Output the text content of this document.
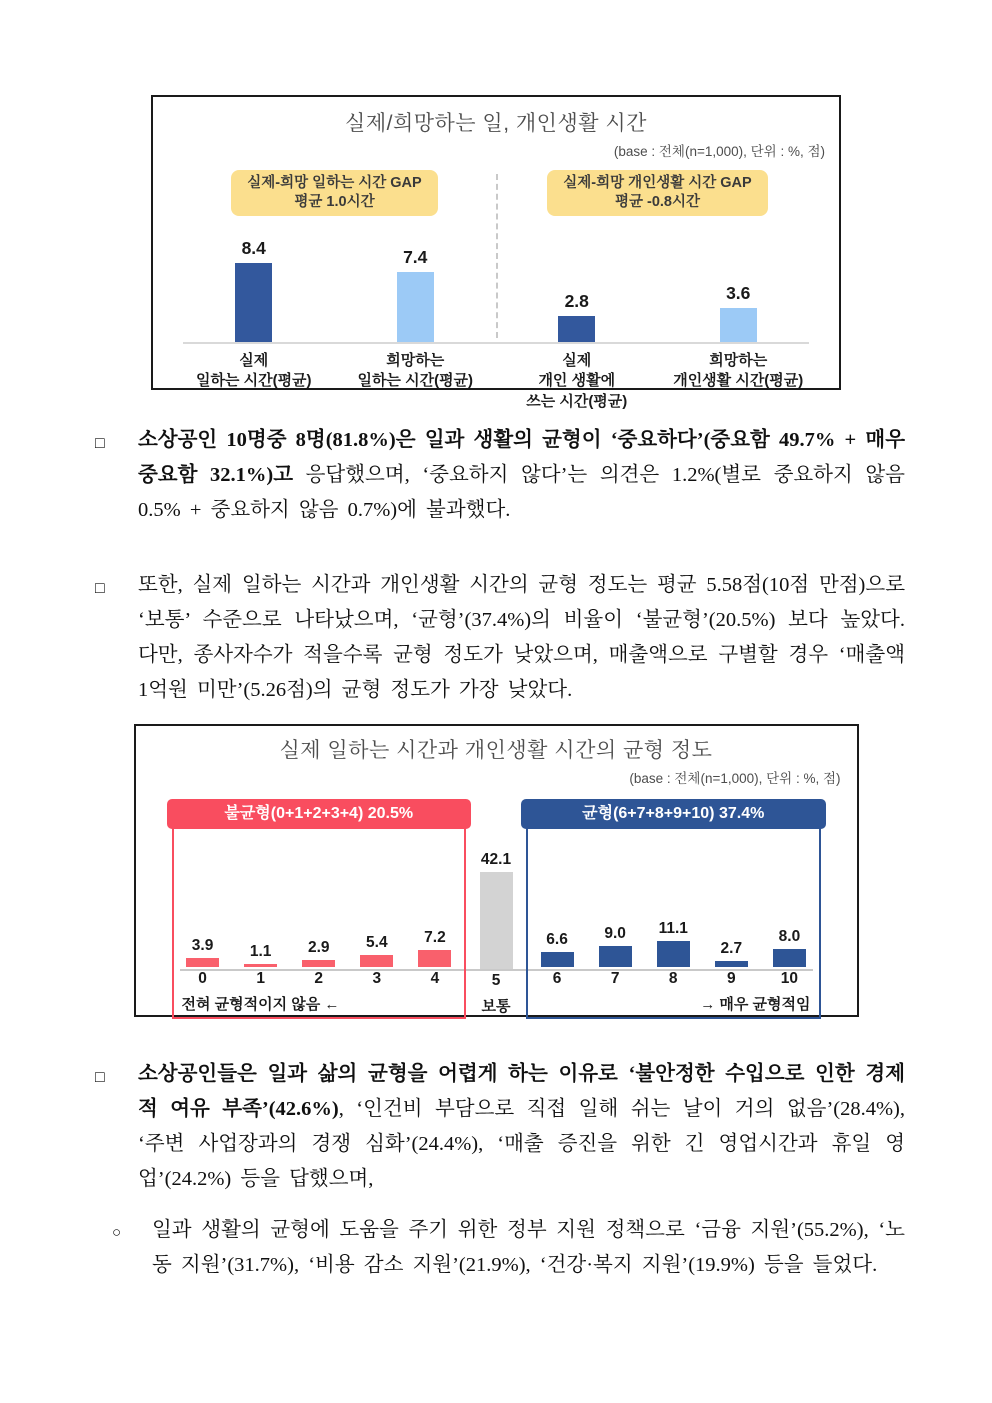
실제/희망하는 일, 개인생활 시간
(base : 전체(n=1,000), 단위 : %, 점)
실제-희망 일하는 시간 GAP
평균 1.0시간
8.4	7.4
실제
일하는 시간(평균)
희망하는
일하는 시간(평균)
실제-희망 개인생활 시간 GAP
평균 -0.8시간
2.8	3.6
실제
개인 생활에
쓰는 시간(평균)
희망하는
개인생활 시간(평균)
□	소상공인 10명중 8명(81.8%)은 일과 생활의 균형이 ‘중요하다’(중요함 49.7% + 매우 중요함 32.1%)고 응답했으며, ‘중요하지 않다’는 의견은 1.2%(별로 중요하지 않음 0.5% + 중요하지 않음 0.7%)에 불과했다.
□	또한, 실제 일하는 시간과 개인생활 시간의 균형 정도는 평균 5.58점(10점 만점)으로 ‘보통’ 수준으로 나타났으며, ‘균형’(37.4%)의 비율이 ‘불균형’(20.5%) 보다 높았다. 다만, 종사자수가 적을수록 균형 정도가 낮았으며, 매출액으로 구별할 경우 ‘매출액 1억원 미만’(5.26점)의 균형 정도가 가장 낮았다.
실제 일하는 시간과 개인생활 시간의 균형 정도
(base : 전체(n=1,000), 단위 : %, 점)
불균형(0+1+2+3+4) 20.5%
3.9 1.1 2.9 5.4 7.2
0	1	2	3	4
전혀 균형적이지 않음 ←
42.1
5
보통
균형(6+7+8+9+10) 37.4%
6.6 9.0 11.1
2.7
8.0
6	7	8	9	10
→ 매우 균형적임
□	소상공인들은 일과 삶의 균형을 어렵게 하는 이유로 ‘불안정한 수입으로 인한 경제적 여유 부족’(42.6%), ‘인건비 부담으로 직접 일해 쉬는 날이 거의 없음’(28.4%), ‘주변 사업장과의 경쟁 심화’(24.4%), ‘매출 증진을 위한 긴 영업시간과 휴일 영업’(24.2%) 등을 답했으며,
○	일과 생활의 균형에 도움을 주기 위한 정부 지원 정책으로 ‘금융 지원’(55.2%), ‘노동 지원’(31.7%), ‘비용 감소 지원’(21.9%), ‘건강·복지 지원’(19.9%) 등을 들었다.
